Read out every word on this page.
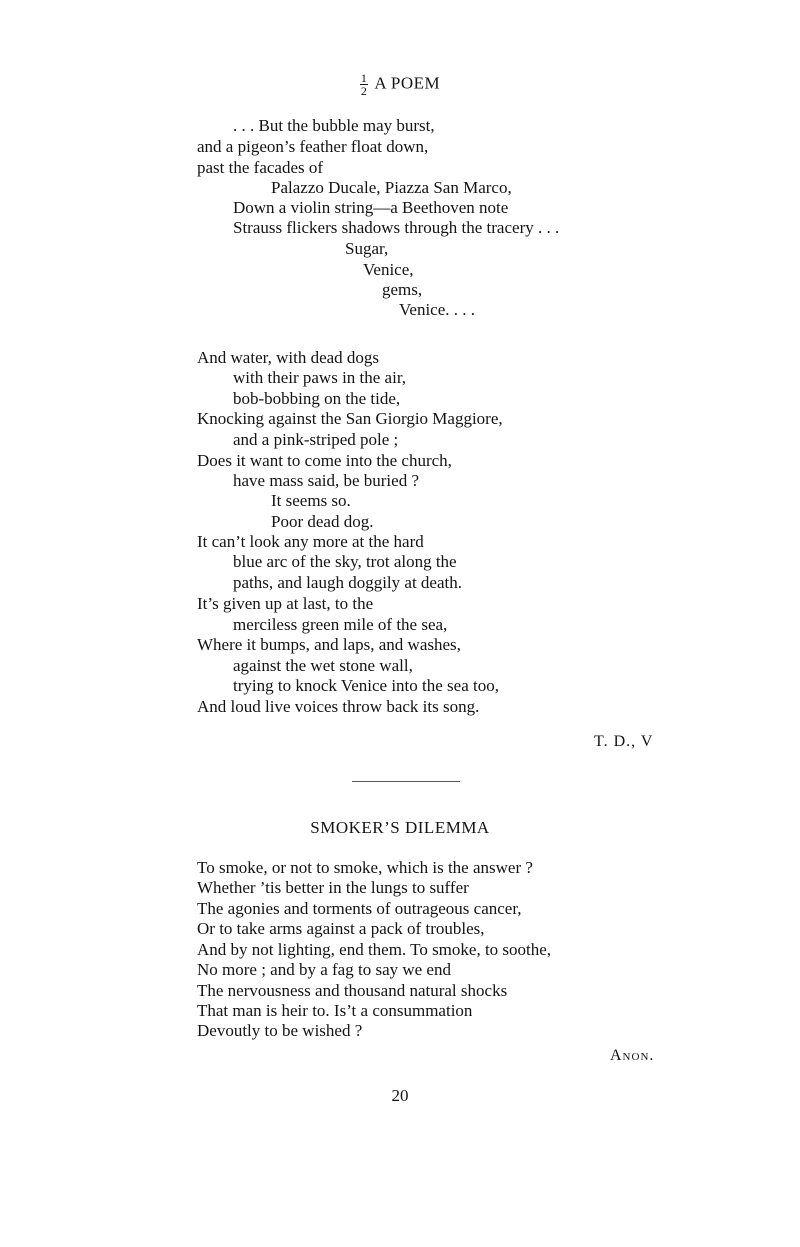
$\frac{1}{2}$ A POEM
. . . But the bubble may burst,
and a pigeon’s feather float down,
past the facades of
Palazzo Ducale, Piazza San Marco,
Down a violin string—a Beethoven note
Strauss flickers shadows through the tracery . . .
Sugar,
Venice,
gems,
Venice. . . .
And water, with dead dogs
with their paws in the air,
bob-bobbing on the tide,
Knocking against the San Giorgio Maggiore,
and a pink-striped pole ;
Does it want to come into the church,
have mass said, be buried ?
It seems so.
Poor dead dog.
It can’t look any more at the hard
blue arc of the sky, trot along the
paths, and laugh doggily at death.
It’s given up at last, to the
merciless green mile of the sea,
Where it bumps, and laps, and washes,
against the wet stone wall,
trying to knock Venice into the sea too,
And loud live voices throw back its song.
T. D., V
SMOKER’S DILEMMA
To smoke, or not to smoke, which is the answer ?
Whether ’tis better in the lungs to suffer
The agonies and torments of outrageous cancer,
Or to take arms against a pack of troubles,
And by not lighting, end them. To smoke, to soothe,
No more ; and by a fag to say we end
The nervousness and thousand natural shocks
That man is heir to. Is’t a consummation
Devoutly to be wished ?
Anon.
20
